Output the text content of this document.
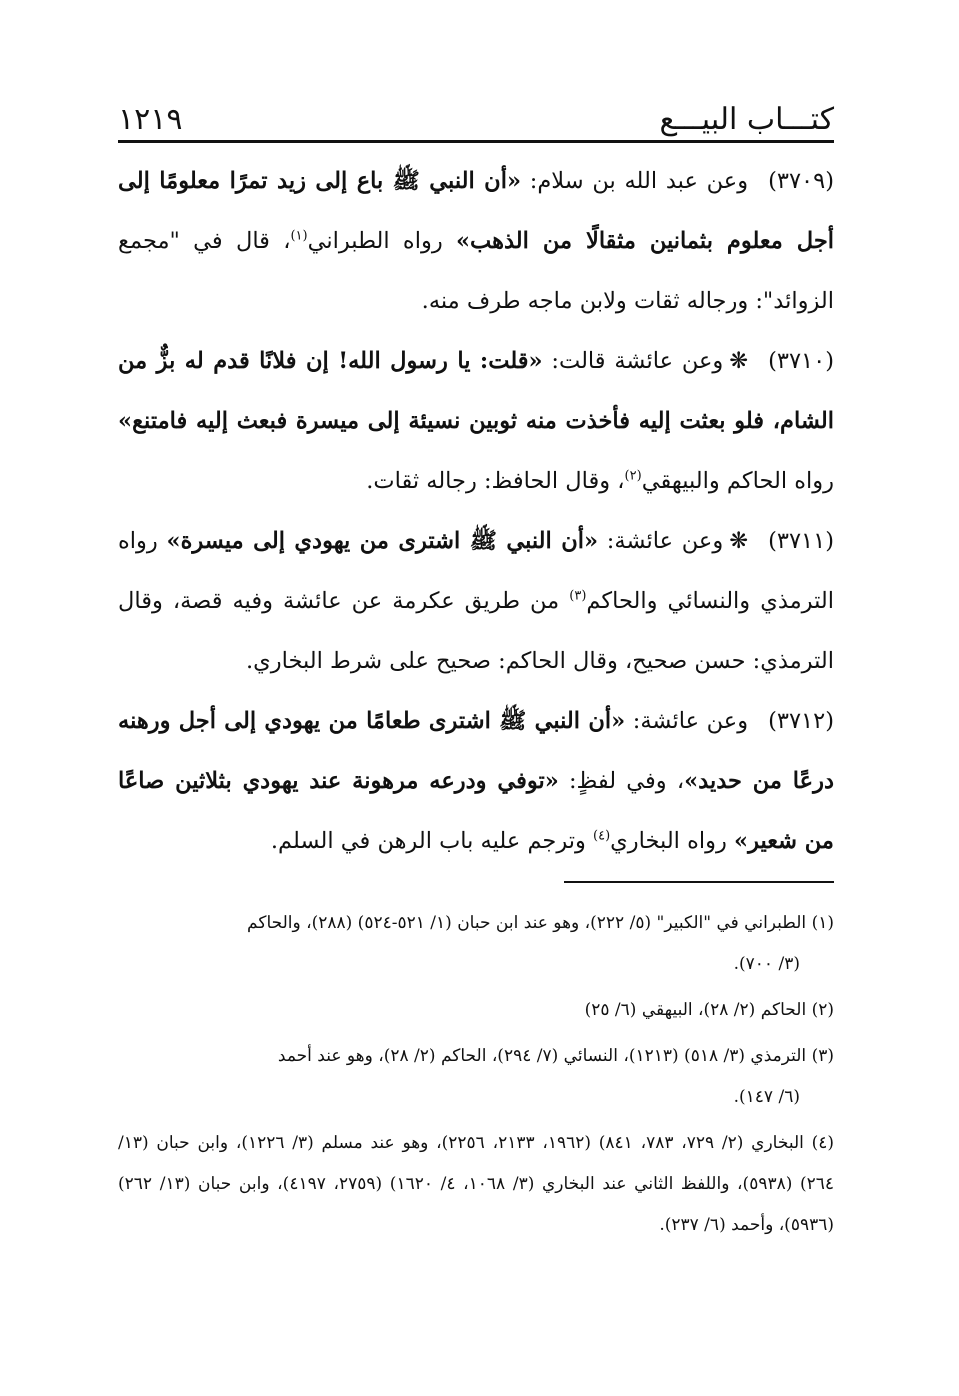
كتـــاب البيـــع
١٢١٩

(٣٧٠٩)وعن عبد الله بن سلام: «أن النبي ﷺ باع إلى زيد تمرًا معلومًا إلى أجل معلوم بثمانين مثقالًا من الذهب» رواه الطبراني$^{(١)}$، قال في "مجمع الزوائد": ورجاله ثقات ولابن ماجه طرف منه.

(٣٧١٠)❋وعن عائشة قالت: «قلت: يا رسول الله! إن فلانًا قدم له بزٌّ من الشام، فلو بعثت إليه فأخذت منه ثوبين نسيئة إلى ميسرة فبعث إليه فامتنع» رواه الحاكم والبيهقي$^{(٢)}$، وقال الحافظ: رجاله ثقات.

(٣٧١١)❋وعن عائشة: «أن النبي ﷺ اشترى من يهودي إلى ميسرة» رواه الترمذي والنسائي والحاكم$^{(٣)}$ من طريق عكرمة عن عائشة وفيه قصة، وقال الترمذي: حسن صحيح، وقال الحاكم: صحيح على شرط البخاري.

(٣٧١٢)وعن عائشة: «أن النبي ﷺ اشترى طعامًا من يهودي إلى أجل ورهنه درعًا من حديد»، وفي لفظٍ: «توفي ودرعه مرهونة عند يهودي بثلاثين صاعًا من شعير» رواه البخاري$^{(٤)}$ وترجم عليه باب الرهن في السلم.

(١) الطبراني في "الكبير" (٥/ ٢٢٢)، وهو عند ابن حبان (١/ ٥٢١-٥٢٤) (٢٨٨)، والحاكم
(٣/ ٧٠٠).

(٢) الحاكم (٢/ ٢٨)، البيهقي (٦/ ٢٥)

(٣) الترمذي (٣/ ٥١٨) (١٢١٣)، النسائي (٧/ ٢٩٤)، الحاكم (٢/ ٢٨)، وهو عند أحمد
(٦/ ١٤٧).

(٤) البخاري (٢/ ٧٢٩، ٧٨٣، ٨٤١) (١٩٦٢، ٢١٣٣، ٢٢٥٦)، وهو عند مسلم (٣/ ١٢٢٦)، وابن حبان (١٣/ ٢٦٤) (٥٩٣٨)، واللفظ الثاني عند البخاري (٣/ ١٠٦٨، ٤/ ١٦٢٠) (٢٧٥٩، ٤١٩٧)، وابن حبان (١٣/ ٢٦٢) (٥٩٣٦)، وأحمد (٦/ ٢٣٧).
